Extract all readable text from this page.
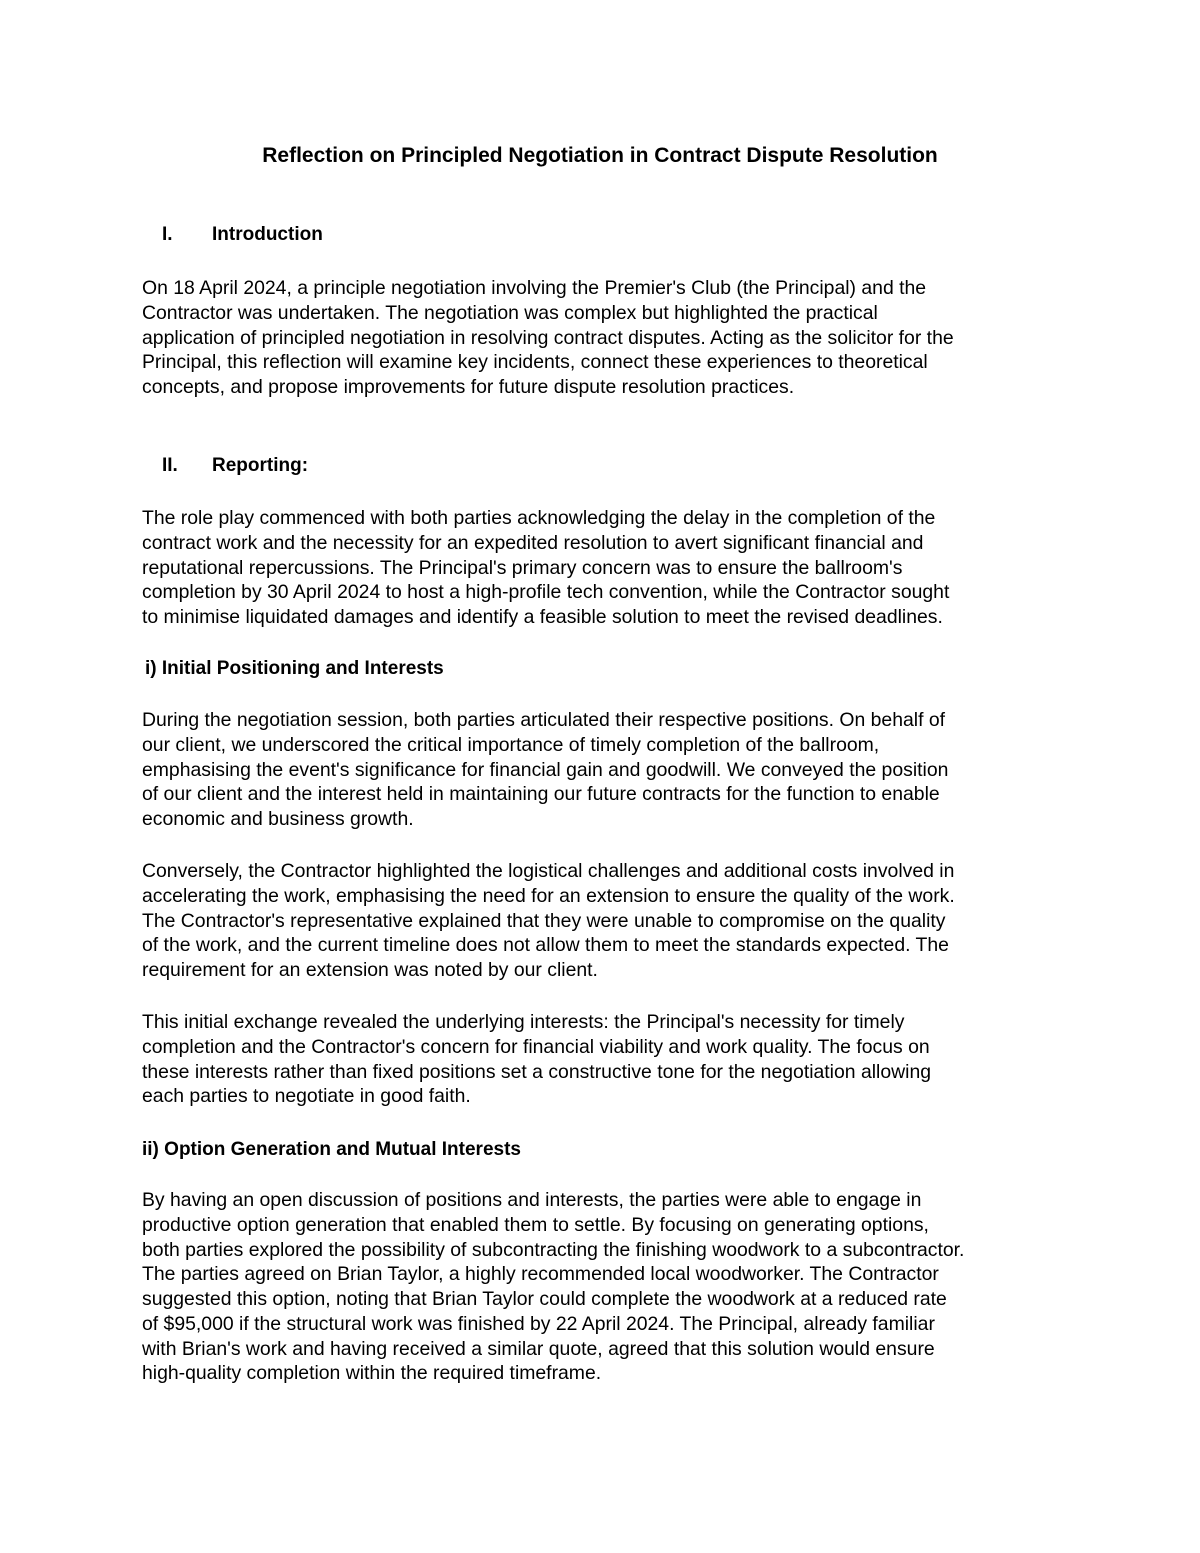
Reflection on Principled Negotiation in Contract Dispute Resolution
I. Introduction
On 18 April 2024, a principle negotiation involving the Premier's Club (the Principal) and the
Contractor was undertaken. The negotiation was complex but highlighted the practical
application of principled negotiation in resolving contract disputes. Acting as the solicitor for the
Principal, this reflection will examine key incidents, connect these experiences to theoretical
concepts, and propose improvements for future dispute resolution practices.
II. Reporting:
The role play commenced with both parties acknowledging the delay in the completion of the
contract work and the necessity for an expedited resolution to avert significant financial and
reputational repercussions. The Principal's primary concern was to ensure the ballroom's
completion by 30 April 2024 to host a high-profile tech convention, while the Contractor sought
to minimise liquidated damages and identify a feasible solution to meet the revised deadlines.
i) Initial Positioning and Interests
During the negotiation session, both parties articulated their respective positions. On behalf of
our client, we underscored the critical importance of timely completion of the ballroom,
emphasising the event's significance for financial gain and goodwill. We conveyed the position
of our client and the interest held in maintaining our future contracts for the function to enable
economic and business growth.
Conversely, the Contractor highlighted the logistical challenges and additional costs involved in
accelerating the work, emphasising the need for an extension to ensure the quality of the work.
The Contractor's representative explained that they were unable to compromise on the quality
of the work, and the current timeline does not allow them to meet the standards expected. The
requirement for an extension was noted by our client.
This initial exchange revealed the underlying interests: the Principal's necessity for timely
completion and the Contractor's concern for financial viability and work quality. The focus on
these interests rather than fixed positions set a constructive tone for the negotiation allowing
each parties to negotiate in good faith.
ii) Option Generation and Mutual Interests
By having an open discussion of positions and interests, the parties were able to engage in
productive option generation that enabled them to settle. By focusing on generating options,
both parties explored the possibility of subcontracting the finishing woodwork to a subcontractor.
The parties agreed on Brian Taylor, a highly recommended local woodworker. The Contractor
suggested this option, noting that Brian Taylor could complete the woodwork at a reduced rate
of $95,000 if the structural work was finished by 22 April 2024. The Principal, already familiar
with Brian's work and having received a similar quote, agreed that this solution would ensure
high-quality completion within the required timeframe.
